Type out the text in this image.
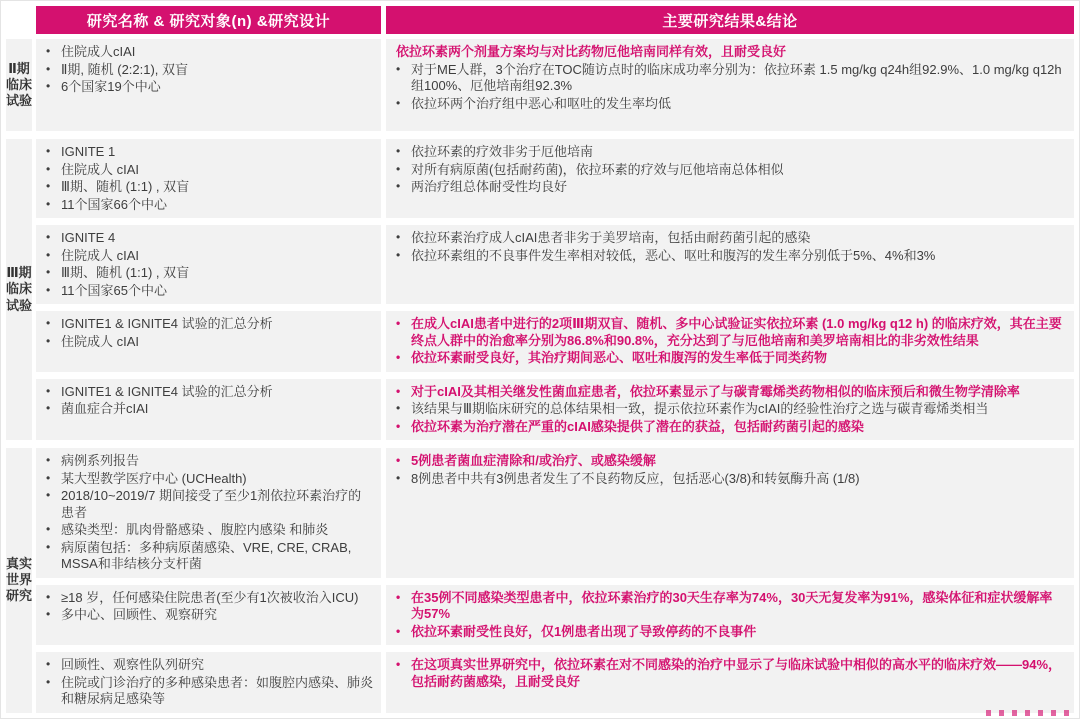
研究名称 & 研究对象(n) &研究设计	主要研究结果&结论
Ⅱ期临床试验
• 住院成人cIAI
• Ⅱ期, 随机 (2:2:1), 双盲
• 6个国家19个中心
依拉环素两个剂量方案均与对比药物厄他培南同样有效，且耐受良好
• 对于ME人群，3个治疗在TOC随访点时的临床成功率分别为：依拉环素 1.5 mg/kg q24h组92.9%、1.0 mg/kg q12h组100%、厄他培南组92.3%
• 依拉环两个治疗组中恶心和呕吐的发生率均低
Ⅲ期临床试验
• IGNITE 1
• 住院成人 cIAI
• Ⅲ期、随机 (1:1) , 双盲
• 11个国家66个中心
• 依拉环素的疗效非劣于厄他培南
• 对所有病原菌(包括耐药菌)，依拉环素的疗效与厄他培南总体相似
• 两治疗组总体耐受性均良好
• IGNITE 4
• 住院成人 cIAI
• Ⅲ期、随机 (1:1) , 双盲
• 11个国家65个中心
• 依拉环素治疗成人cIAI患者非劣于美罗培南，包括由耐药菌引起的感染
• 依拉环素组的不良事件发生率相对较低，恶心、呕吐和腹泻的发生率分别低于5%、4%和3%
• IGNITE1 & IGNITE4 试验的汇总分析
• 住院成人 cIAI
• 在成人cIAI患者中进行的2项Ⅲ期双盲、随机、多中心试验证实依拉环素 (1.0 mg/kg q12 h) 的临床疗效，其在主要终点人群中的治愈率分别为86.8%和90.8%，充分达到了与厄他培南和美罗培南相比的非劣效性结果
• 依拉环素耐受良好，其治疗期间恶心、呕吐和腹泻的发生率低于同类药物
• IGNITE1 & IGNITE4 试验的汇总分析
• 菌血症合并cIAI
• 对于cIAI及其相关继发性菌血症患者，依拉环素显示了与碳青霉烯类药物相似的临床预后和微生物学清除率
• 该结果与Ⅲ期临床研究的总体结果相一致，提示依拉环素作为cIAI的经验性治疗之选与碳青霉烯类相当
• 依拉环素为治疗潜在严重的cIAI感染提供了潜在的获益，包括耐药菌引起的感染
真实世界研究
• 病例系列报告
• 某大型教学医疗中心 (UCHealth)
• 2018/10~2019/7 期间接受了至少1剂依拉环素治疗的患者
• 感染类型：肌肉骨骼感染 、腹腔内感染 和肺炎
• 病原菌包括：多种病原菌感染、VRE, CRE, CRAB, MSSA和非结核分支杆菌
• 5例患者菌血症清除和/或治疗、或感染缓解
• 8例患者中共有3例患者发生了不良药物反应，包括恶心(3/8)和转氨酶升高 (1/8)
• ≥18 岁，任何感染住院患者(至少有1次被收治入ICU)
• 多中心、回顾性、观察研究
• 在35例不同感染类型患者中，依拉环素治疗的30天生存率为74%，30天无复发率为91%，感染体征和症状缓解率为57%
• 依拉环素耐受性良好，仅1例患者出现了导致停药的不良事件
• 回顾性、观察性队列研究
• 住院或门诊治疗的多种感染患者：如腹腔内感染、肺炎和糖尿病足感染等
• 在这项真实世界研究中，依拉环素在对不同感染的治疗中显示了与临床试验中相似的高水平的临床疗效——94%，包括耐药菌感染，且耐受良好
